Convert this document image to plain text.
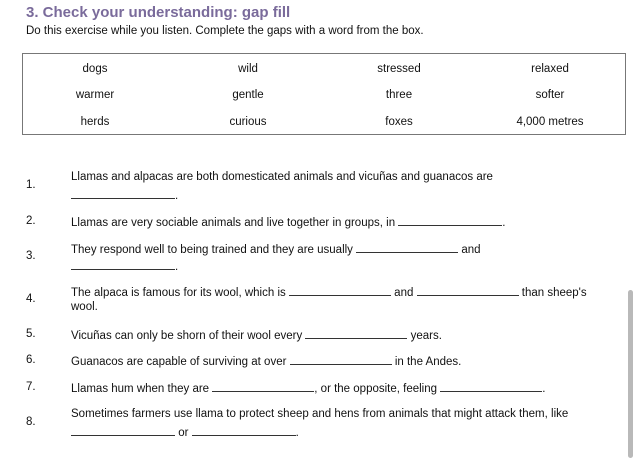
3. Check your understanding: gap fill
Do this exercise while you listen. Complete the gaps with a word from the box.
dogs	wild	stressed	relaxed
warmer	gentle	three	softer
herds	curious	foxes	4,000 metres
1.
Llamas and alpacas are both domesticated animals and vicuñas and guanacos are
.
2.	Llamas are very sociable animals and live together in groups, in	.
3.	They respond well to being trained and they are usually	and
.
4.	The alpaca is famous for its wool, which is	and	than sheep's
wool.
5.	Vicuñas can only be shorn of their wool every	years.
6.	Guanacos are capable of surviving at over	in the Andes.
7.	Llamas hum when they are	, or the opposite, feeling	.
8.
Sometimes farmers use llama to protect sheep and hens from animals that might attack them, like
or	.
